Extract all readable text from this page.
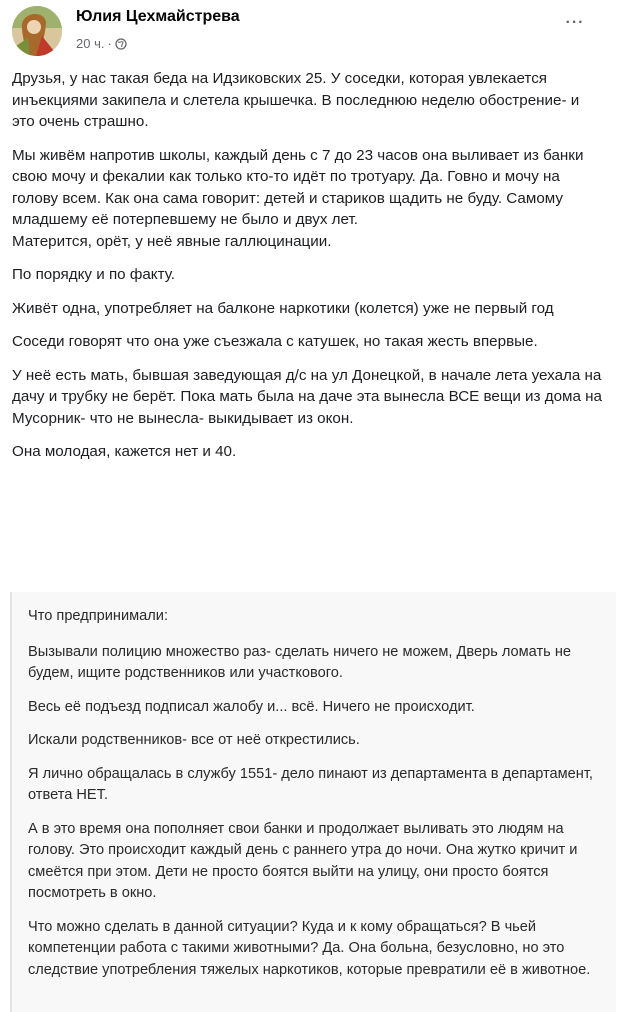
Юлия Цехмайстрева
20 ч. ·
···

Друзья, у нас такая беда на Идзиковских 25. У соседки, которая увлекается инъекциями закипела и слетела крышечка. В последнюю неделю обострение- и это очень страшно.

Мы живём напротив школы, каждый день с 7 до 23 часов она выливает из банки свою мочу и фекалии как только кто-то идёт по тротуару. Да. Говно и мочу на голову всем. Как она сама говорит: детей и стариков щадить не буду. Самому младшему её потерпевшему не было и двух лет.

Матерится, орёт, у неё явные галлюцинации.

По порядку и по факту.

Живёт одна, употребляет на балконе наркотики (колется) уже не первый год

Соседи говорят что она уже съезжала с катушек, но такая жесть впервые.

У неё есть мать, бывшая заведующая д/с на ул Донецкой, в начале лета уехала на дачу и трубку не берёт. Пока мать была на даче эта вынесла ВСЕ вещи из дома на Мусорник- что не вынесла- выкидывает из окон.

Она молодая, кажется нет и 40.

Что предпринимали:

Вызывали полицию множество раз- сделать ничего не можем, Дверь ломать не будем, ищите родственников или участкового.

Весь её подъезд подписал жалобу и... всё. Ничего не происходит.

Искали родственников- все от неё открестились.

Я лично обращалась в службу 1551- дело пинают из департамента в департамент, ответа НЕТ.

А в это время она пополняет свои банки и продолжает выливать это людям на голову. Это происходит каждый день с раннего утра до ночи. Она жутко кричит и смеётся при этом. Дети не просто боятся выйти на улицу, они просто боятся посмотреть в окно.

Что можно сделать в данной ситуации? Куда и к кому обращаться? В чьей компетенции работа с такими животными? Да. Она больна, безусловно, но это следствие употребления тяжелых наркотиков, которые превратили её в животное.
